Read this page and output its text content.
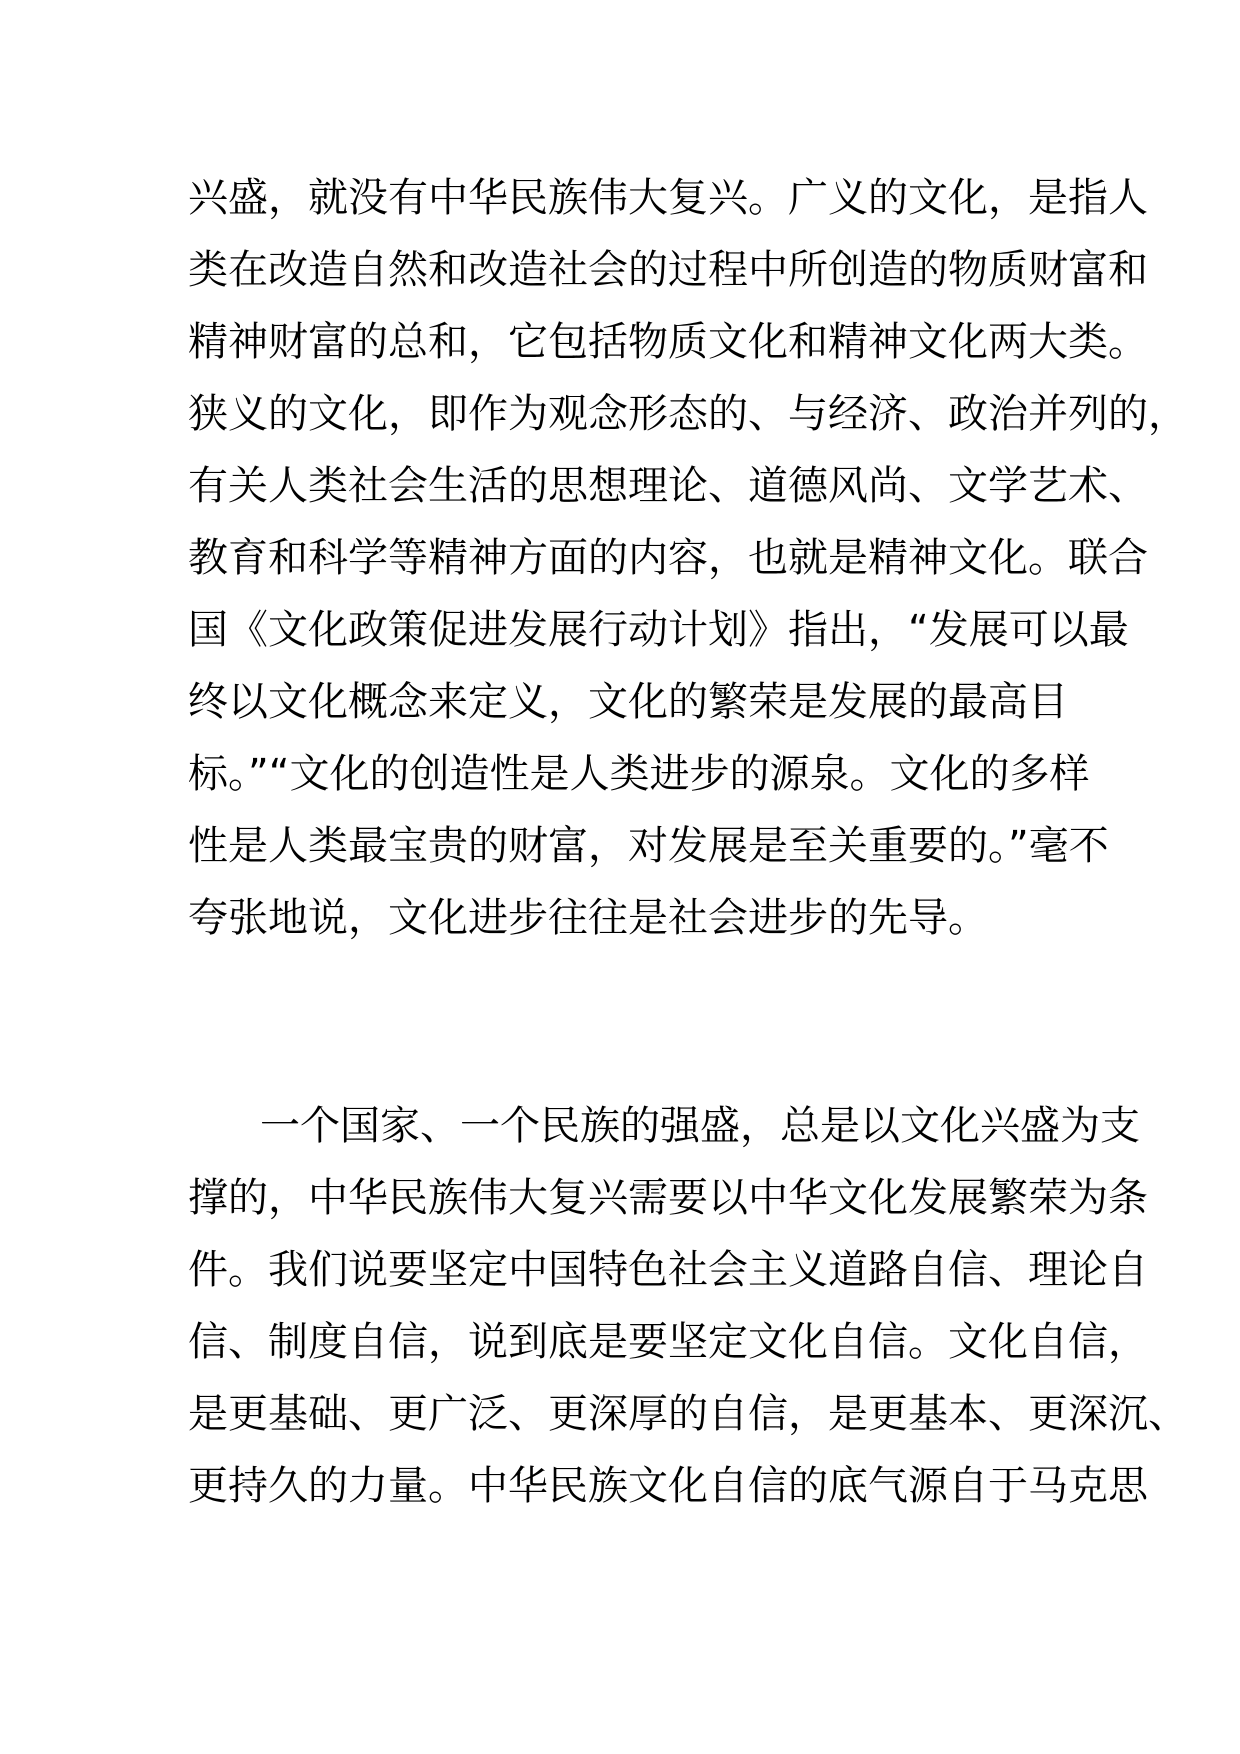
兴盛，就没有中华民族伟大复兴。广义的文化，是指人
类在改造自然和改造社会的过程中所创造的物质财富和
精神财富的总和，它包括物质文化和精神文化两大类。
狭义的文化，即作为观念形态的、与经济、政治并列的，
有关人类社会生活的思想理论、道德风尚、文学艺术、
教育和科学等精神方面的内容，也就是精神文化。联合
国《文化政策促进发展行动计划》指出，“发展可以最
终以文化概念来定义，文化的繁荣是发展的最高目
标。”“文化的创造性是人类进步的源泉。文化的多样
性是人类最宝贵的财富，对发展是至关重要的。”毫不
夸张地说，文化进步往往是社会进步的先导。
一个国家、一个民族的强盛，总是以文化兴盛为支
撑的，中华民族伟大复兴需要以中华文化发展繁荣为条
件。我们说要坚定中国特色社会主义道路自信、理论自
信、制度自信，说到底是要坚定文化自信。文化自信，
是更基础、更广泛、更深厚的自信，是更基本、更深沉、
更持久的力量。中华民族文化自信的底气源自于马克思
